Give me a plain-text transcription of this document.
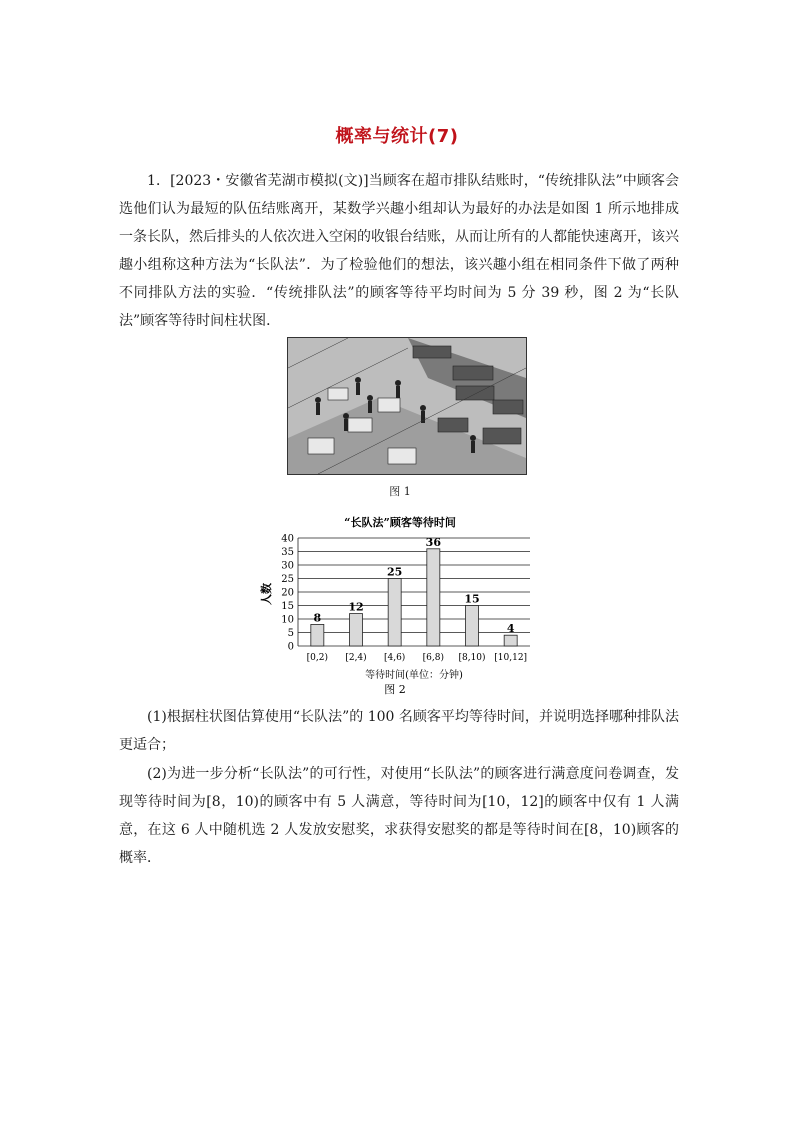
概率与统计(7)
1．[2023・安徽省芜湖市模拟(文)]当顾客在超市排队结账时，“传统排队法”中顾客会选他们认为最短的队伍结账离开，某数学兴趣小组却认为最好的办法是如图 1 所示地排成一条长队，然后排头的人依次进入空闲的收银台结账，从而让所有的人都能快速离开，该兴趣小组称这种方法为“长队法”．为了检验他们的想法，该兴趣小组在相同条件下做了两种不同排队方法的实验．“传统排队法”的顾客等待平均时间为 5 分 39 秒，图 2 为“长队法”顾客等待时间柱状图．
图 1
“长队法”顾客等待时间
人数
等待时间(单位：分钟)
图 2
0
5
10
15
20
25
30
35
40
8
[0,2)
12
[2,4)
25
[4,6)
36
[6,8)
15
[8,10)
4
[10,12]
(1)根据柱状图估算使用“长队法”的 100 名顾客平均等待时间，并说明选择哪种排队法更适合；
(2)为进一步分析“长队法”的可行性，对使用“长队法”的顾客进行满意度问卷调查，发现等待时间为[8，10)的顾客中有 5 人满意，等待时间为[10，12]的顾客中仅有 1 人满意，在这 6 人中随机选 2 人发放安慰奖，求获得安慰奖的都是等待时间在[8，10)顾客的概率．
